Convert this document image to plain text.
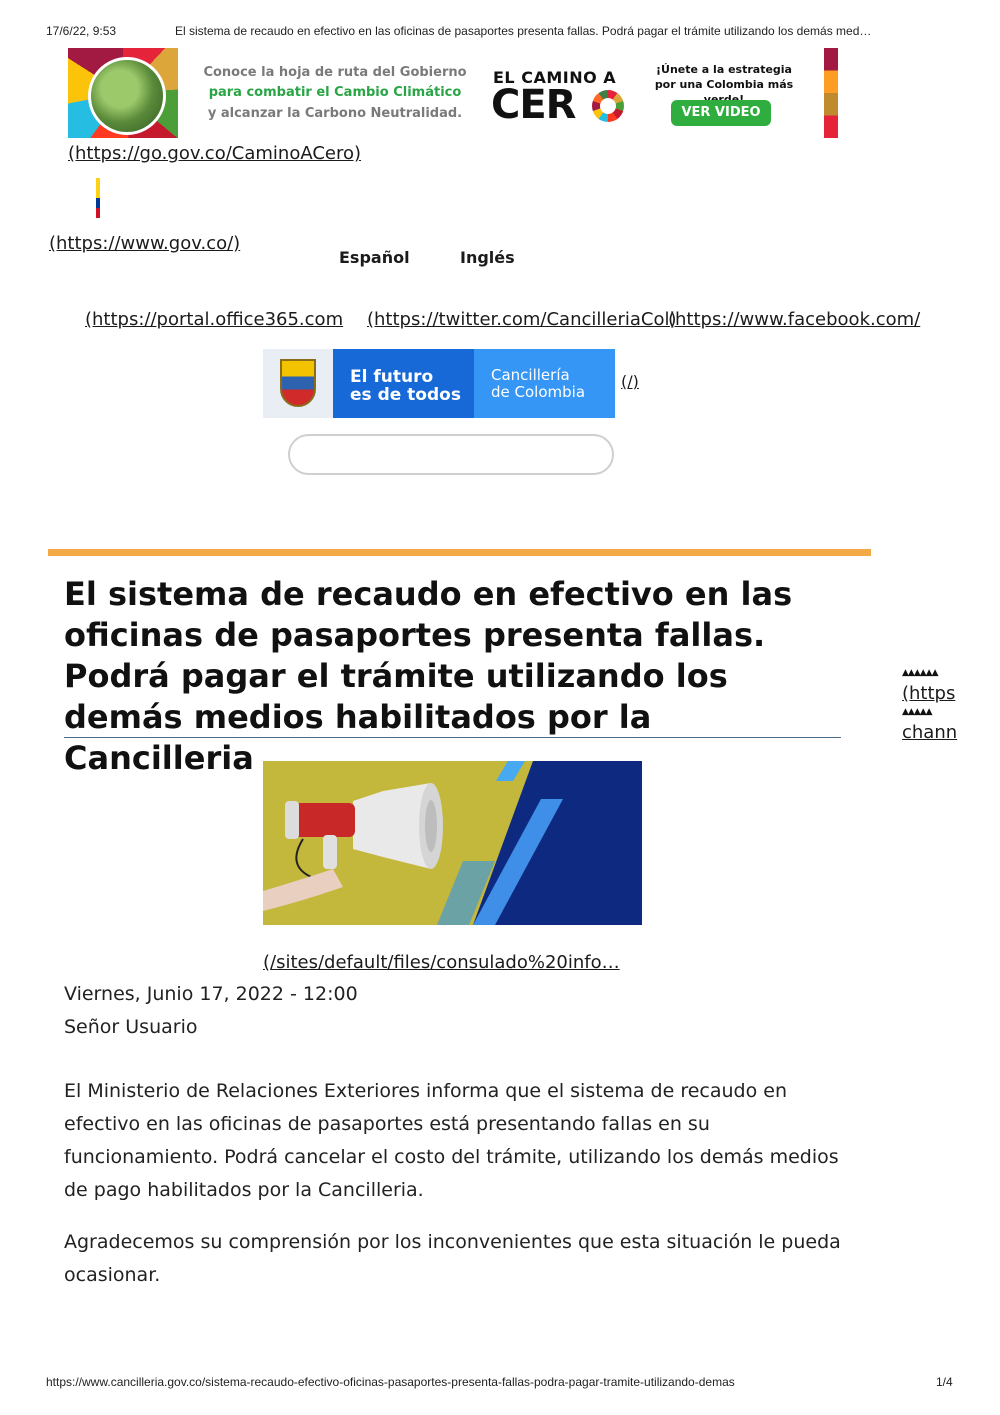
17/6/22, 9:53	El sistema de recaudo en efectivo en las oficinas de pasaportes presenta fallas. Podrá pagar el trámite utilizando los demás med…
Conoce la hoja de ruta del Gobierno
para combatir el Cambio Climático
y alcanzar la Carbono Neutralidad.
EL CAMINO A
CER
¡Únete a la estrategia
por una Colombia más
VER VIDEO
(https://go.gov.co/CaminoACero)
(https://www.gov.co/)
Español	Inglés
(https://portal.office365.com (https://twitter.com/CancilleriaCol)
(https://www.facebook.com/
El futuro
es de todos
Cancillería
de Colombia
(/)
El sistema de recaudo en efectivo en las oficinas de pasaportes presenta fallas. Podrá pagar el trámite utilizando los demás medios habilitados por la Cancilleria
▲▲▲▲▲▲
(https
▲▲▲▲▲
chann
(/sites/default/files/consulado%20info…
Viernes, Junio 17, 2022 - 12:00
Señor Usuario

El Ministerio de Relaciones Exteriores informa que el sistema de recaudo en efectivo en las oficinas de pasaportes está presentando fallas en su funcionamiento. Podrá cancelar el costo del trámite, utilizando los demás medios de pago habilitados por la Cancilleria.

Agradecemos su comprensión por los inconvenientes que esta situación le pueda ocasionar.

https://www.cancilleria.gov.co/sistema-recaudo-efectivo-oficinas-pasaportes-presenta-fallas-podra-pagar-tramite-utilizando-demas	1/4
